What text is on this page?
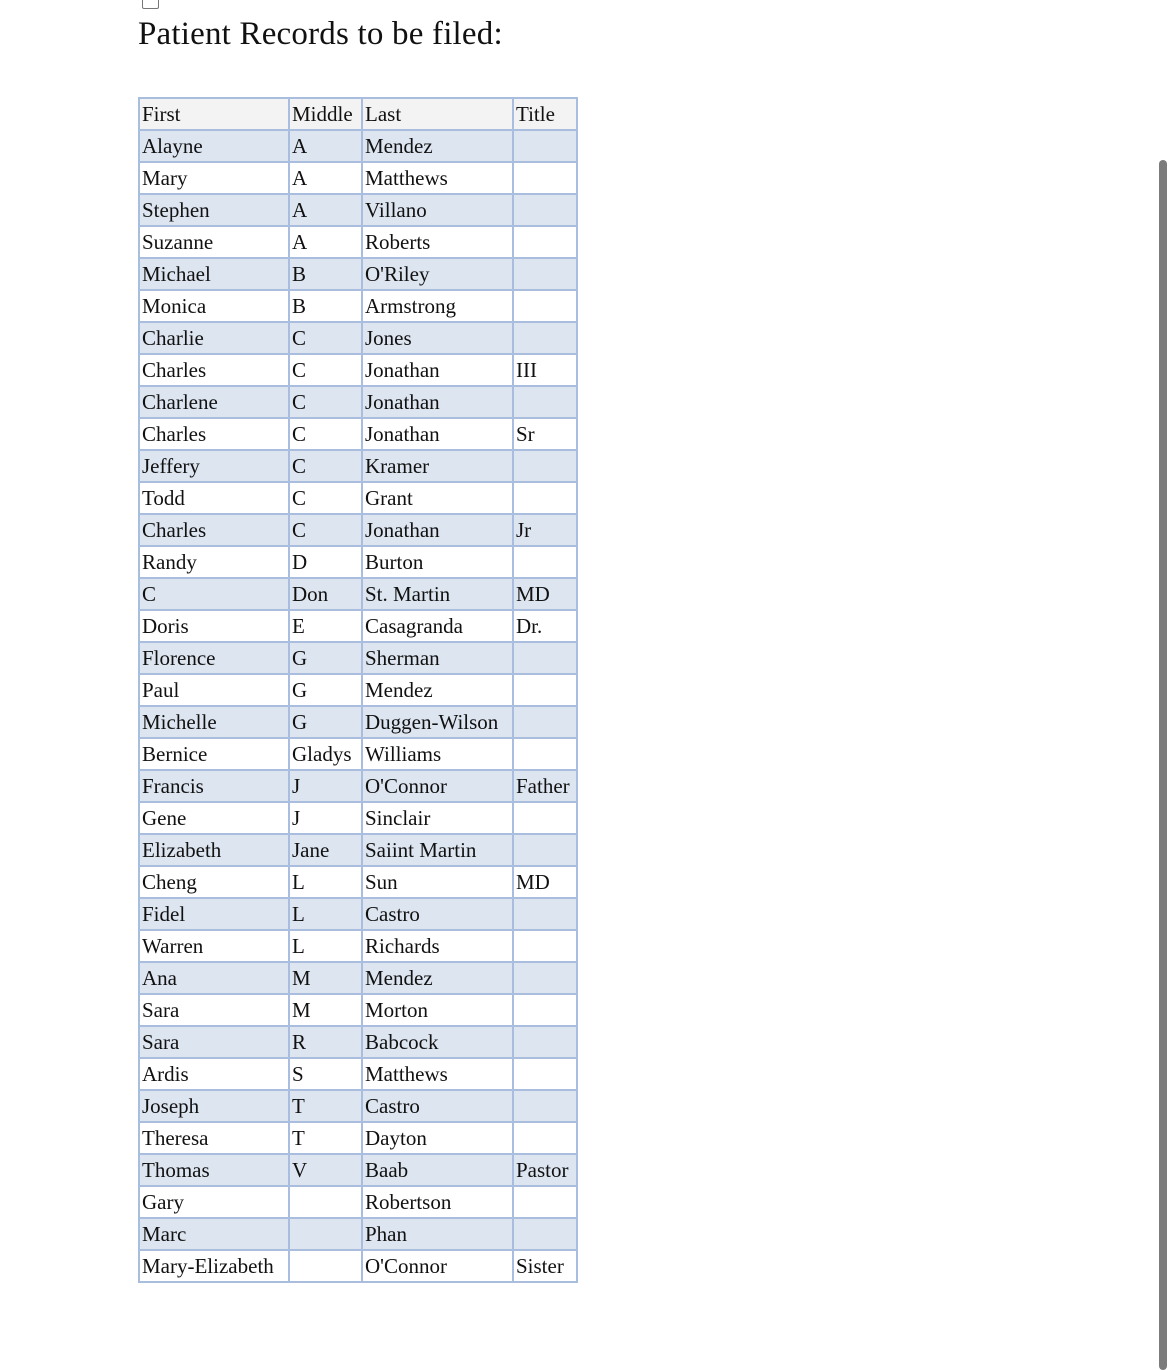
Patient Records to be filed:
First	Middle	Last	Title
Alayne	A	Mendez	
Mary	A	Matthews	
Stephen	A	Villano	
Suzanne	A	Roberts	
Michael	B	O'Riley	
Monica	B	Armstrong	
Charlie	C	Jones	
Charles	C	Jonathan	III
Charlene	C	Jonathan	
Charles	C	Jonathan	Sr
Jeffery	C	Kramer	
Todd	C	Grant	
Charles	C	Jonathan	Jr
Randy	D	Burton	
C	Don	St. Martin	MD
Doris	E	Casagranda	Dr.
Florence	G	Sherman	
Paul	G	Mendez	
Michelle	G	Duggen-Wilson	
Bernice	Gladys	Williams	
Francis	J	O'Connor	Father
Gene	J	Sinclair	
Elizabeth	Jane	Saiint Martin	
Cheng	L	Sun	MD
Fidel	L	Castro	
Warren	L	Richards	
Ana	M	Mendez	
Sara	M	Morton	
Sara	R	Babcock	
Ardis	S	Matthews	
Joseph	T	Castro	
Theresa	T	Dayton	
Thomas	V	Baab	Pastor
Gary		Robertson	
Marc		Phan	
Mary-Elizabeth		O'Connor	Sister
